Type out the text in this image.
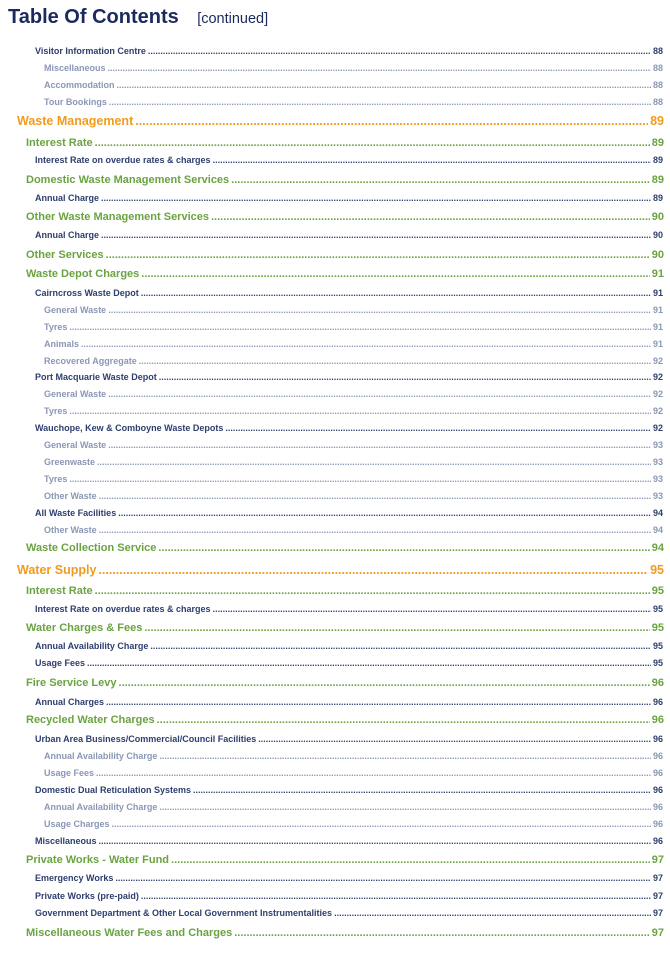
Table Of Contents [continued]
Visitor Information Centre .....	88
Miscellaneous .....	88
Accommodation .....	88
Tour Bookings .....	88
Waste Management .....	89
Interest Rate .....	89
Interest Rate on overdue rates & charges .....	89
Domestic Waste Management Services .....	89
Annual Charge .....	89
Other Waste Management Services .....	90
Annual Charge .....	90
Other Services .....	90
Waste Depot Charges .....	91
Cairncross Waste Depot .....	91
General Waste .....	91
Tyres .....	91
Animals .....	91
Recovered Aggregate .....	92
Port Macquarie Waste Depot .....	92
General Waste .....	92
Tyres .....	92
Wauchope, Kew & Comboyne Waste Depots .....	92
General Waste .....	93
Greenwaste .....	93
Tyres .....	93
Other Waste .....	93
All Waste Facilities .....	94
Other Waste .....	94
Waste Collection Service .....	94
Water Supply .....	95
Interest Rate .....	95
Interest Rate on overdue rates & charges .....	95
Water Charges & Fees .....	95
Annual Availability Charge .....	95
Usage Fees .....	95
Fire Service Levy .....	96
Annual Charges .....	96
Recycled Water Charges .....	96
Urban Area Business/Commercial/Council Facilities .....	96
Annual Availability Charge .....	96
Usage Fees .....	96
Domestic Dual Reticulation Systems .....	96
Annual Availability Charge .....	96
Usage Charges .....	96
Miscellaneous .....	96
Private Works - Water Fund .....	97
Emergency Works .....	97
Private Works (pre-paid) .....	97
Government Department & Other Local Government Instrumentalities .....	97
Miscellaneous Water Fees and Charges .....	97
